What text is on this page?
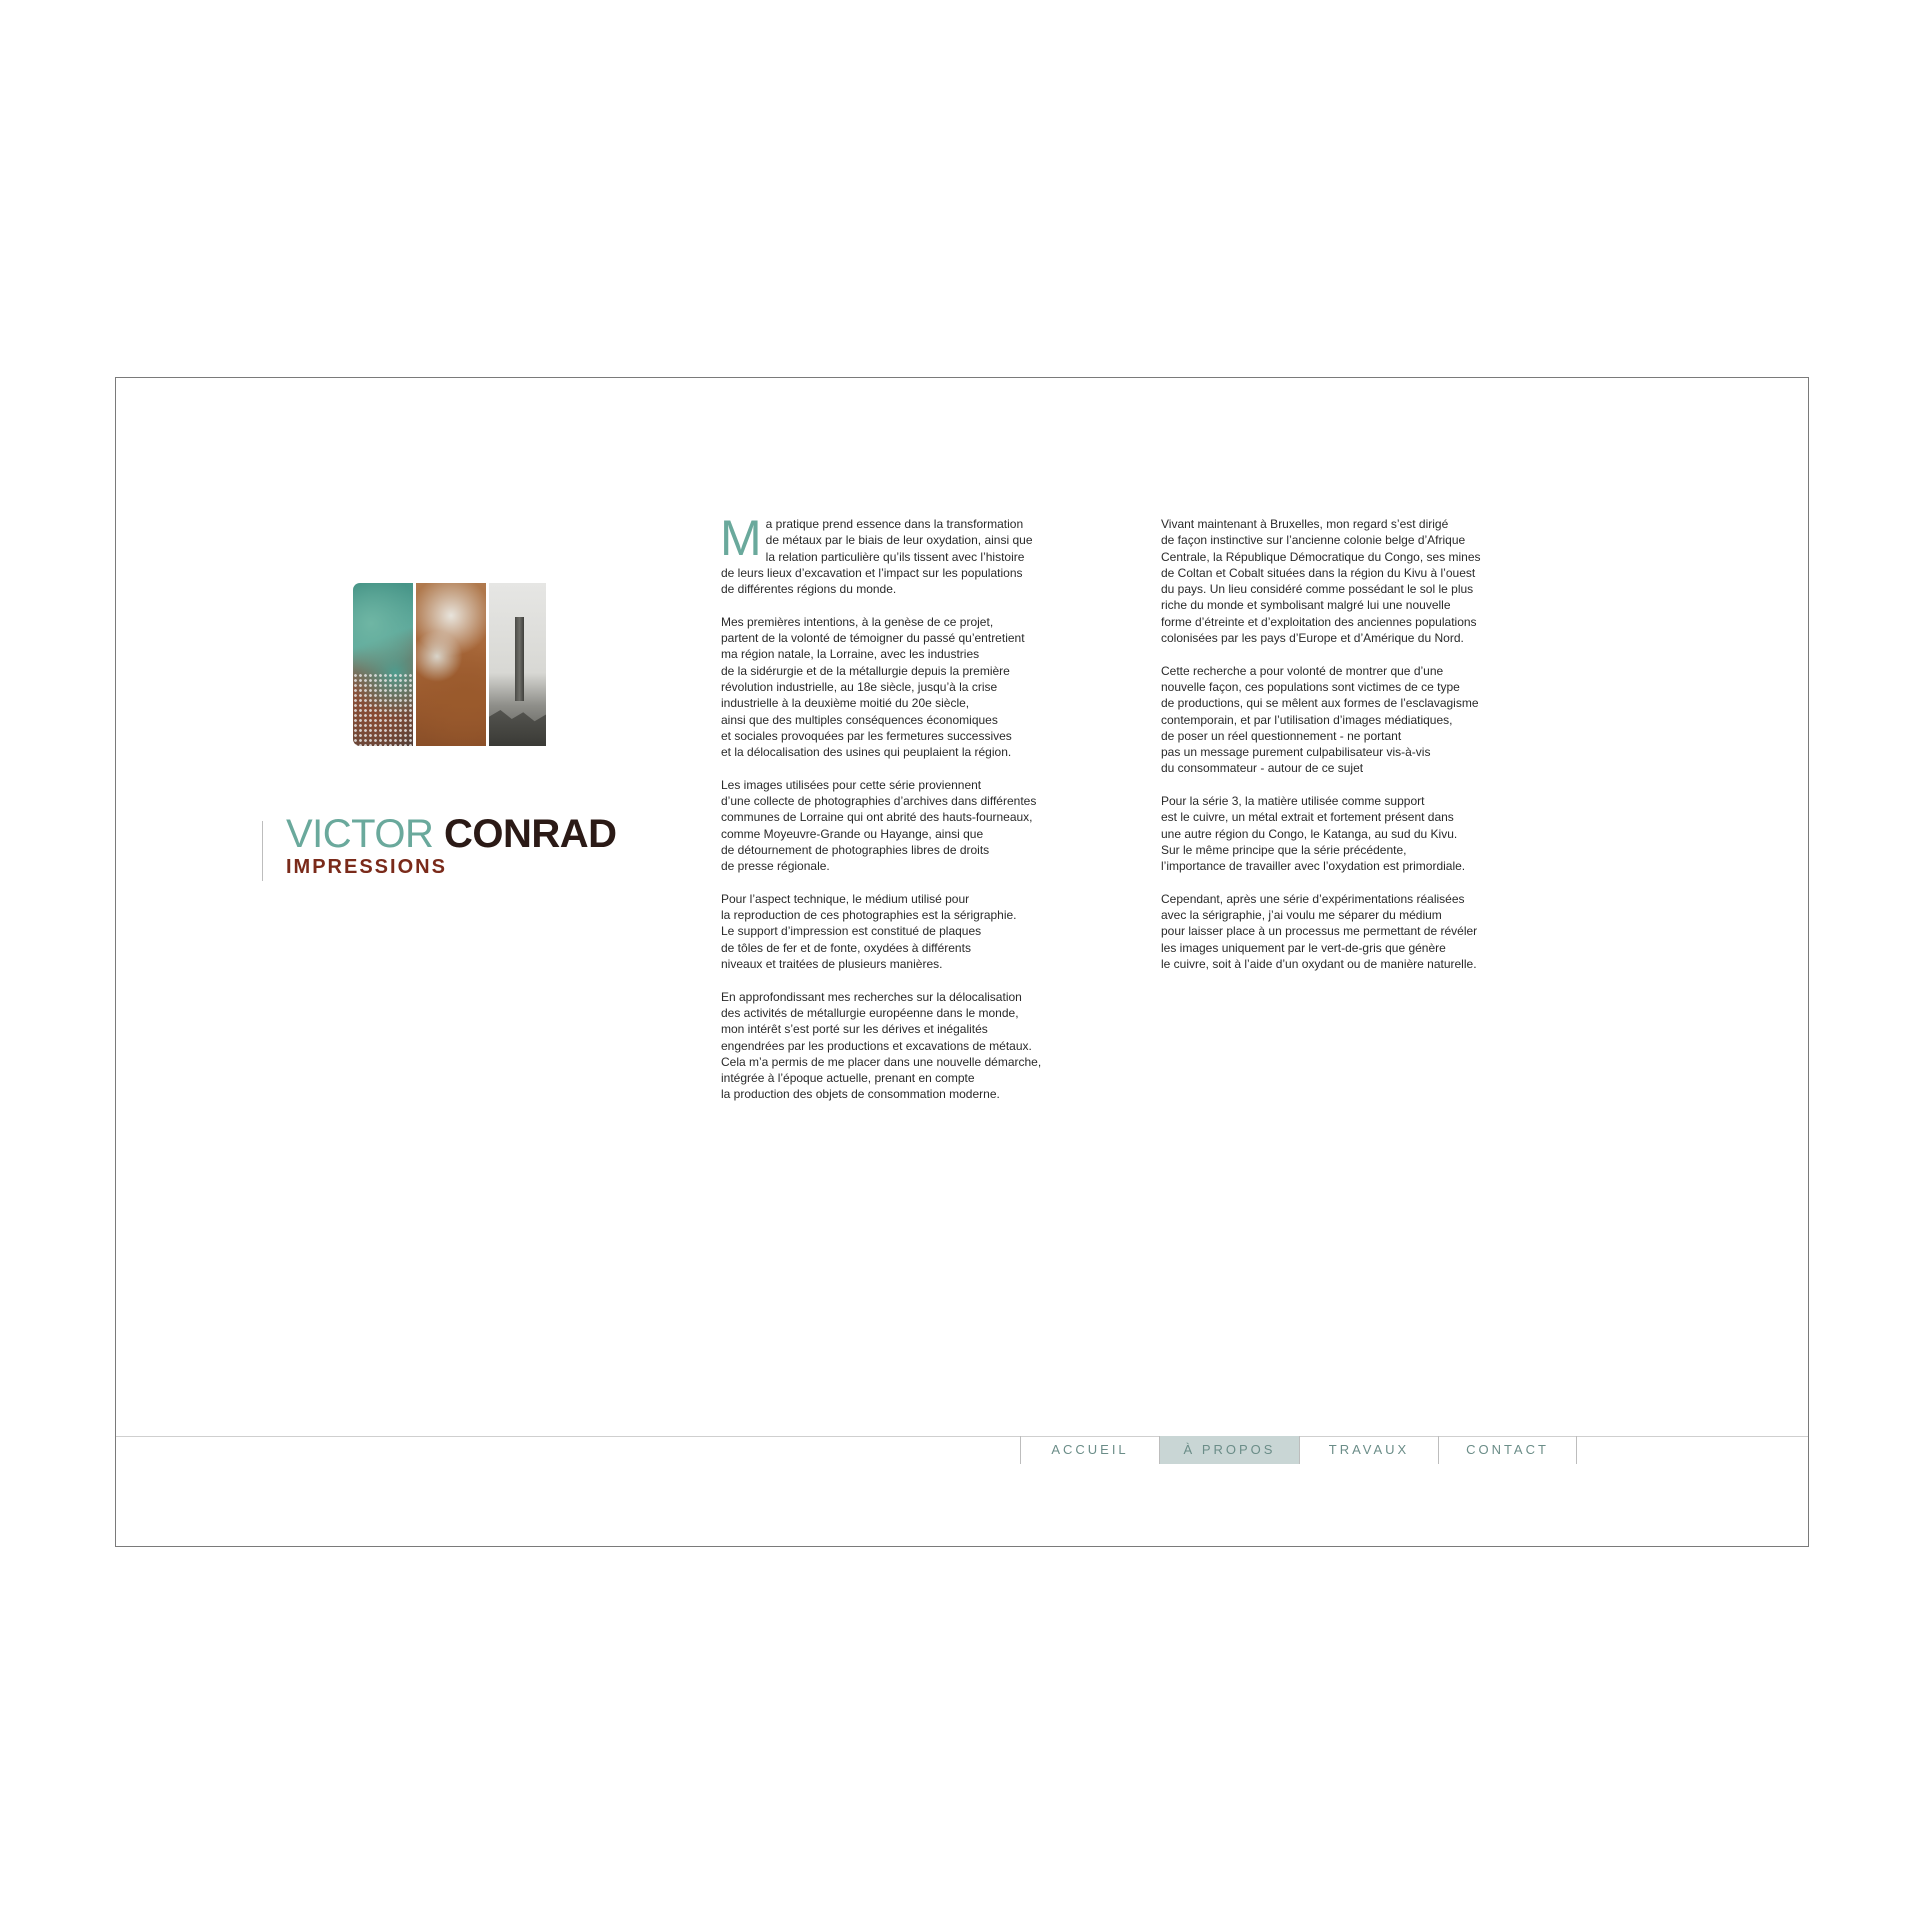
VICTOR CONRAD
IMPRESSIONS
M a pratique prend essence dans la transformation
de métaux par le biais de leur oxydation, ainsi que
la relation particulière qu’ils tissent avec l’histoire
de leurs lieux d’excavation et l’impact sur les populations
de différentes régions du monde.
Mes premières intentions, à la genèse de ce projet,
partent de la volonté de témoigner du passé qu’entretient
ma région natale, la Lorraine, avec les industries
de la sidérurgie et de la métallurgie depuis la première
révolution industrielle, au 18e siècle, jusqu’à la crise
industrielle à la deuxième moitié du 20e siècle,
ainsi que des multiples conséquences économiques
et sociales provoquées par les fermetures successives
et la délocalisation des usines qui peuplaient la région.
Les images utilisées pour cette série proviennent
d’une collecte de photographies d’archives dans différentes
communes de Lorraine qui ont abrité des hauts-fourneaux,
comme Moyeuvre-Grande ou Hayange, ainsi que
de détournement de photographies libres de droits
de presse régionale.
Pour l’aspect technique, le médium utilisé pour
la reproduction de ces photographies est la sérigraphie.
Le support d’impression est constitué de plaques
de tôles de fer et de fonte, oxydées à différents
niveaux et traitées de plusieurs manières.
En approfondissant mes recherches sur la délocalisation
des activités de métallurgie européenne dans le monde,
mon intérêt s’est porté sur les dérives et inégalités
engendrées par les productions et excavations de métaux.
Cela m’a permis de me placer dans une nouvelle démarche,
intégrée à l’époque actuelle, prenant en compte
la production des objets de consommation moderne.
Vivant maintenant à Bruxelles, mon regard s’est dirigé
de façon instinctive sur l’ancienne colonie belge d’Afrique
Centrale, la République Démocratique du Congo, ses mines
de Coltan et Cobalt situées dans la région du Kivu à l’ouest
du pays. Un lieu considéré comme possédant le sol le plus
riche du monde et symbolisant malgré lui une nouvelle
forme d’étreinte et d’exploitation des anciennes populations
colonisées par les pays d’Europe et d’Amérique du Nord.
Cette recherche a pour volonté de montrer que d’une
nouvelle façon, ces populations sont victimes de ce type
de productions, qui se mêlent aux formes de l’esclavagisme
contemporain, et par l’utilisation d’images médiatiques,
de poser un réel questionnement - ne portant
pas un message purement culpabilisateur vis-à-vis
du consommateur - autour de ce sujet
Pour la série 3, la matière utilisée comme support
est le cuivre, un métal extrait et fortement présent dans
une autre région du Congo, le Katanga, au sud du Kivu.
Sur le même principe que la série précédente,
l’importance de travailler avec l’oxydation est primordiale.
Cependant, après une série d’expérimentations réalisées
avec la sérigraphie, j’ai voulu me séparer du médium
pour laisser place à un processus me permettant de révéler
les images uniquement par le vert-de-gris que génère
le cuivre, soit à l’aide d’un oxydant ou de manière naturelle.
ACCUEIL	À PROPOS	TRAVAUX	CONTACT
